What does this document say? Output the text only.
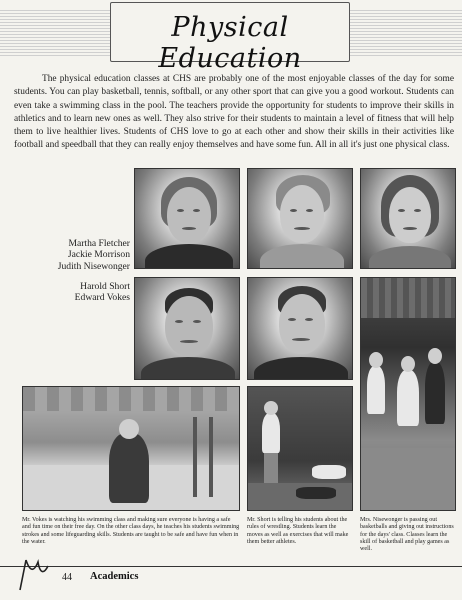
Physical Education
The physical education classes at CHS are probably one of the most enjoyable classes of the day for some students. You can play basketball, tennis, softball, or any other sport that can give you a good workout. Students can even take a swimming class in the pool. The teachers provide the opportunity for students to improve their skills in athletics and to learn new ones as well. They also strive for their students to maintain a level of fitness that will help them to live healthier lives. Students of CHS love to go at each other and show their skills in their activities like football and speedball that they can really enjoy themselves and have some fun. All in all it's just one physical class.
Martha Fletcher
Jackie Morrison
Judith Nisewonger
Harold Short
Edward Vokes
Mr. Vokes is watching his swimming class and making sure everyone is having a safe and fun time on their free day. On the other class days, he teaches his students swimming strokes and some lifeguarding skills. Students are taught to be safe and have fun when in the water.
Mr. Short is telling his students about the rules of wrestling. Students learn the moves as well as exercises that will make them better athletes.
Mrs. Nisewonger is passing out basketballs and giving out instructions for the days' class. Classes learn the skill of basketball and play games as well.
44 Academics
